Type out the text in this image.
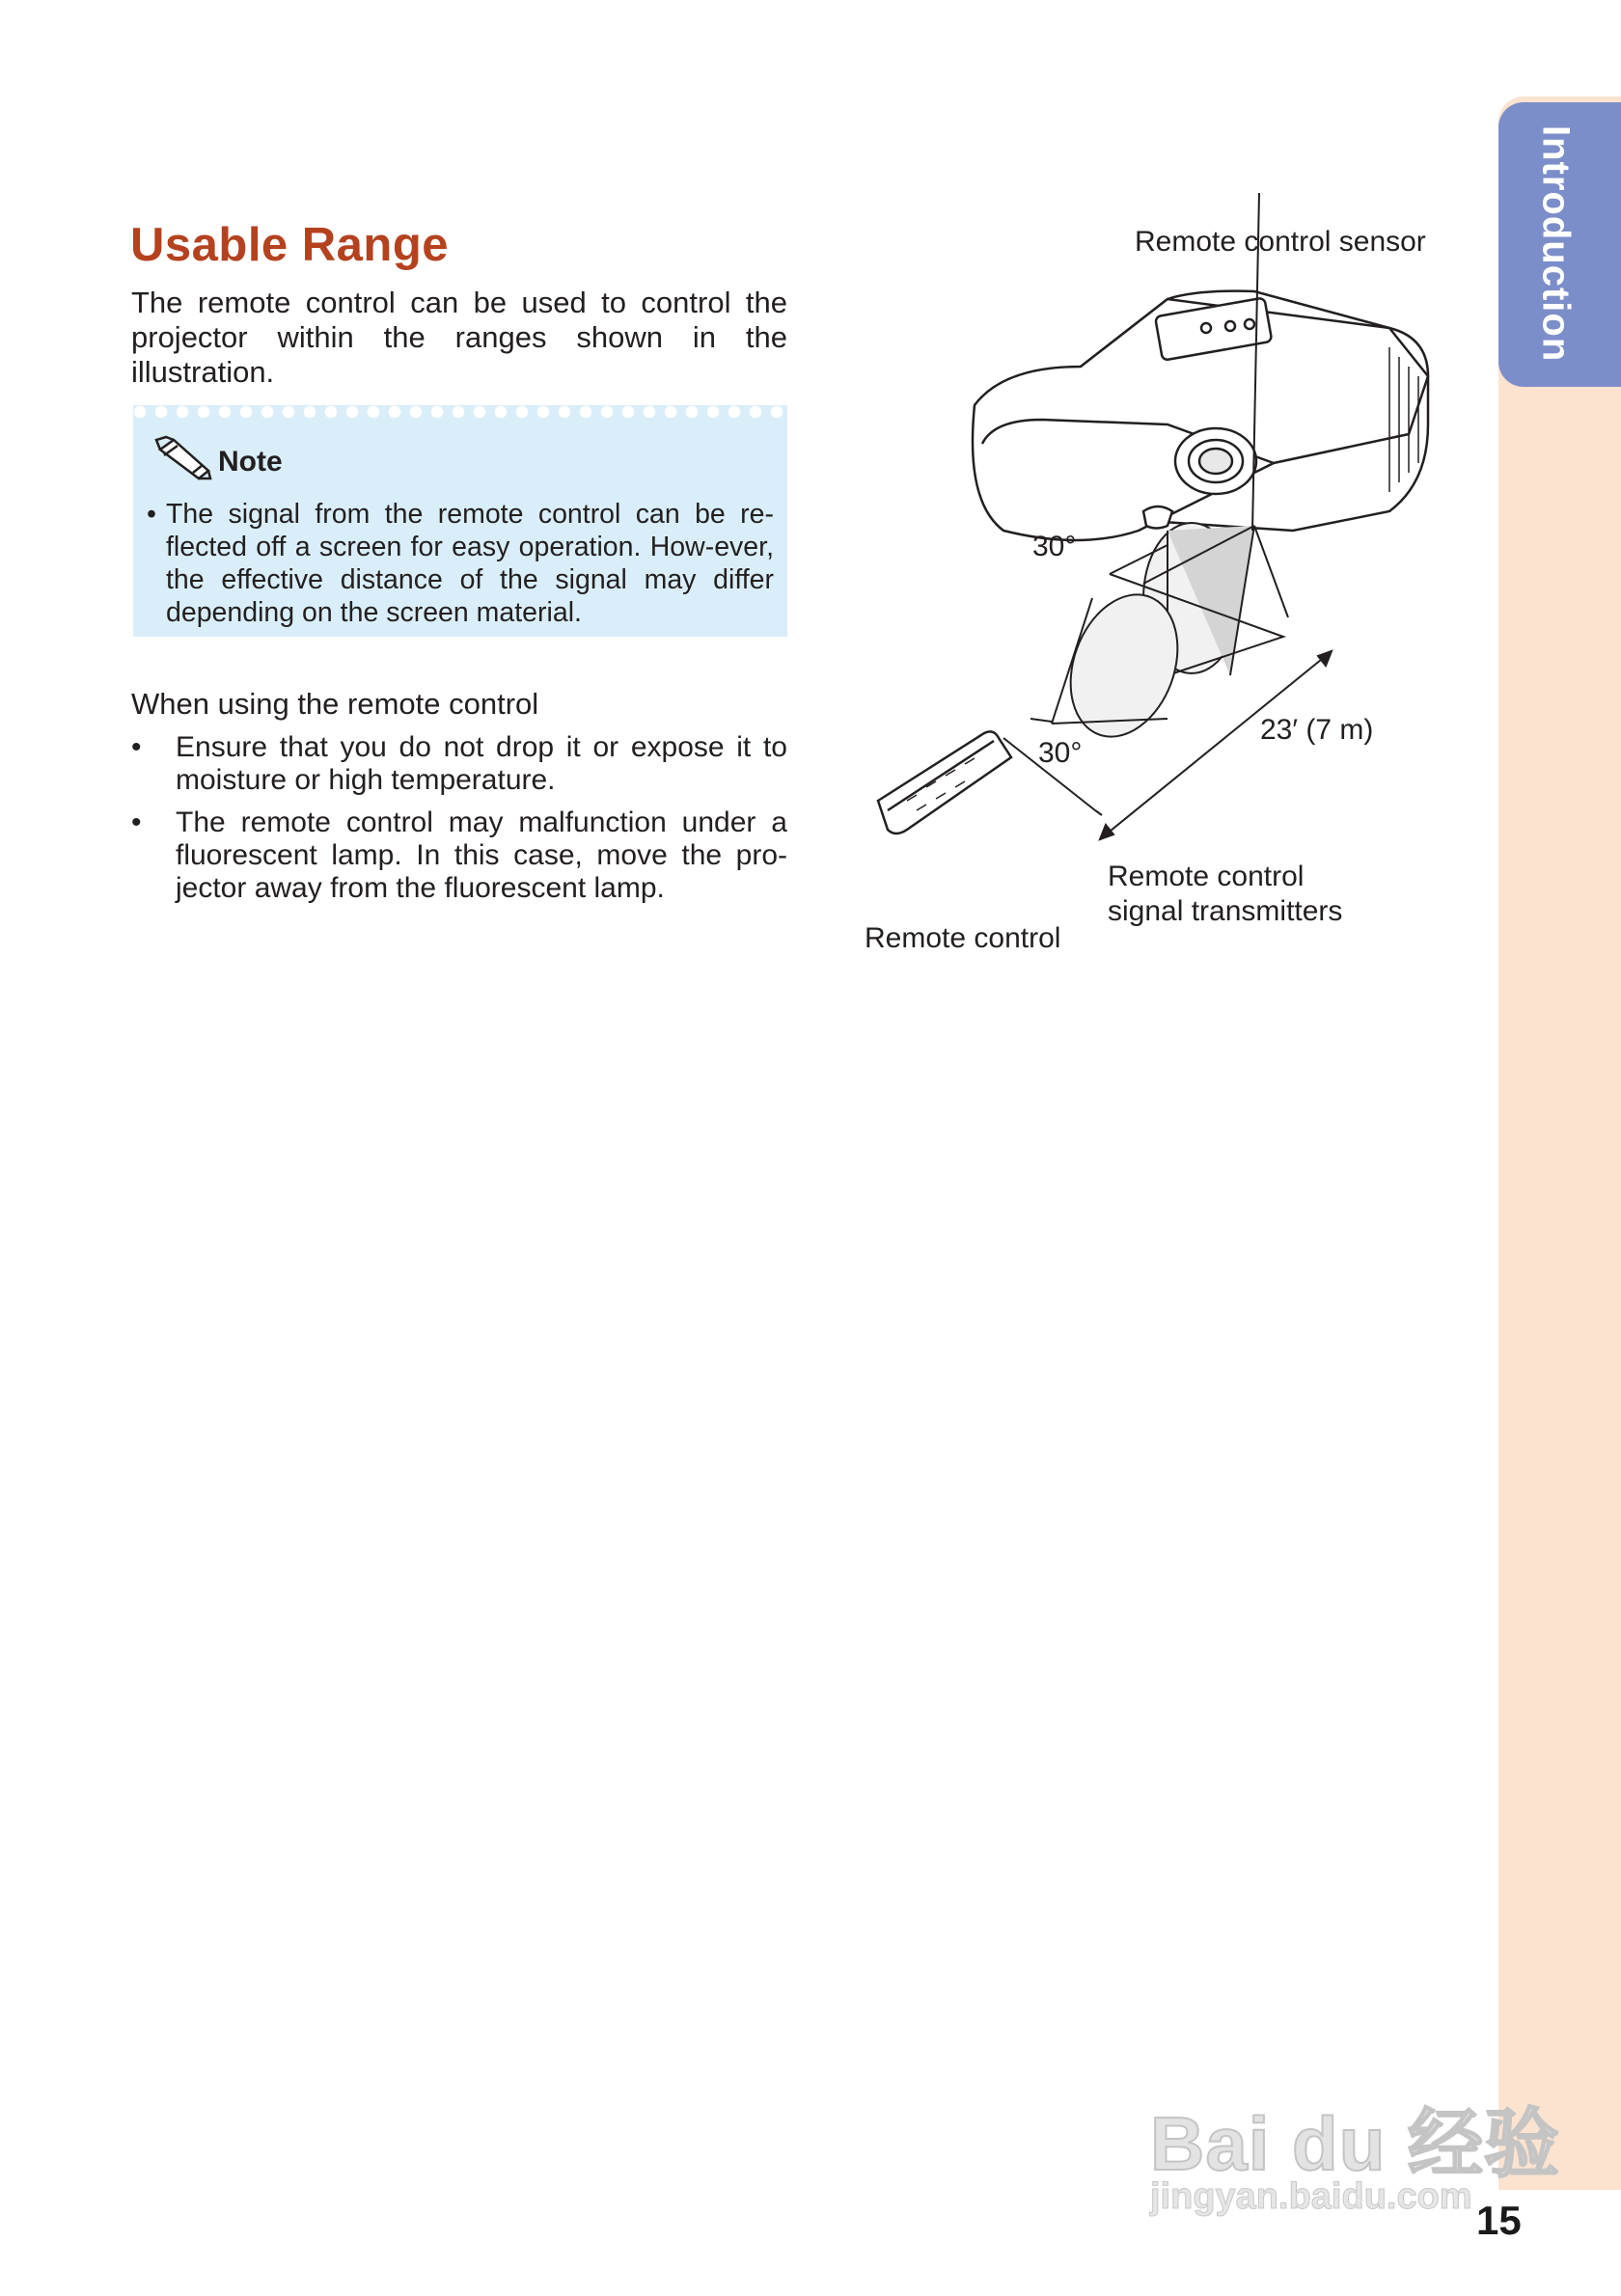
Introduction
Usable Range
The remote control can be used to control the
projector within the ranges shown in the
illustration.
Note
• The signal from the remote control can be re-flected off a screen for easy operation. How-ever, the effective distance of the signal may differ depending on the screen material.
When using the remote control
• Ensure that you do not drop it or expose it to moisture or high temperature.
• The remote control may malfunction under a fluorescent lamp. In this case, move the pro-jector away from the fluorescent lamp.
Remote control sensor
30°
30°
23′ (7 m)
Remote control
signal transmitters
Remote control
Bai du 经验
jingyan.baidu.com
15
